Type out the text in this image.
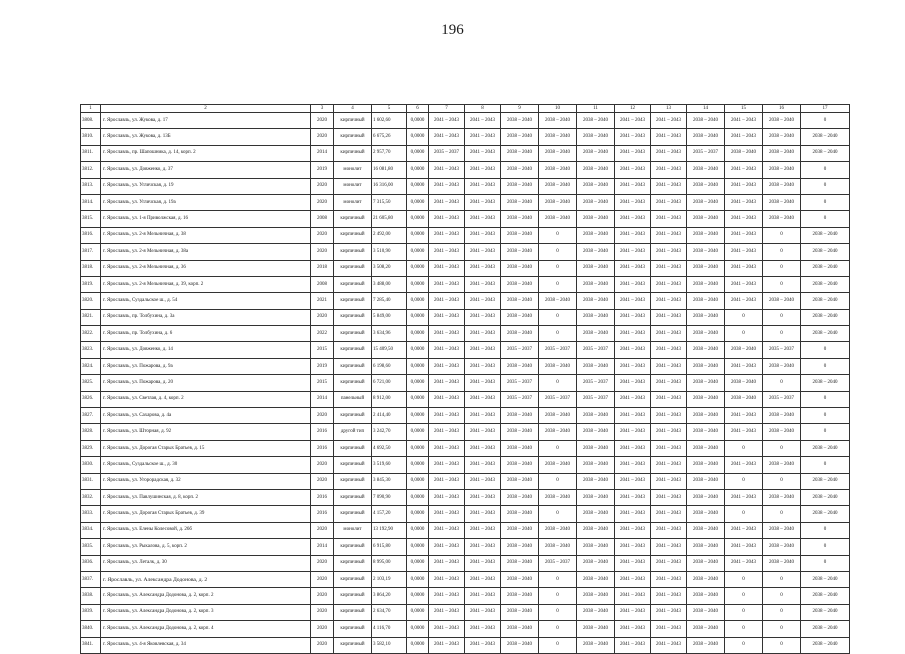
196
1	2	3	4	5	6	7	8	9	10	11	12	13	14	15	16	17
3808.	г. Ярославль, ул. Жукова, д. 17	2020	кирпичный	1 602,60	0,0000	2041 – 2043	2041 – 2043	2038 – 2040	2038 – 2040	2038 – 2040	2041 – 2043	2041 – 2043	2038 – 2040	2041 – 2043	2038 – 2040	0
3810.	г. Ярославль, ул. Жукова, д. 13Б	2020	кирпичный	6 675,26	0,0000	2041 – 2043	2041 – 2043	2038 – 2040	2038 – 2040	2038 – 2040	2041 – 2043	2041 – 2043	2038 – 2040	2041 – 2043	2038 – 2040	2038 – 2040
3811.	г. Ярославль, пр. Шапошника, д. 14, корп. 2	2014	кирпичный	2 957,70	0,0000	2035 – 2037	2041 – 2043	2038 – 2040	2038 – 2040	2038 – 2040	2041 – 2043	2041 – 2043	2035 – 2037	2038 – 2040	2038 – 2040	2038 – 2040
3812.	г. Ярославль, ул. Довженко, д. 37	2019	монолит	16 081,80	0,0000	2041 – 2043	2041 – 2043	2038 – 2040	2038 – 2040	2038 – 2040	2041 – 2043	2041 – 2043	2038 – 2040	2041 – 2043	2038 – 2040	0
3813.	г. Ярославль, ул. Угличская, д. 19	2020	монолит	16 316,00	0,0000	2041 – 2043	2041 – 2043	2038 – 2040	2038 – 2040	2038 – 2040	2041 – 2043	2041 – 2043	2038 – 2040	2041 – 2043	2038 – 2040	0
3814.	г. Ярославль, ул. Угличская, д. 19а	2020	монолит	7 315,50	0,0000	2041 – 2043	2041 – 2043	2038 – 2040	2038 – 2040	2038 – 2040	2041 – 2043	2041 – 2043	2038 – 2040	2041 – 2043	2038 – 2040	0
3815.	г. Ярославль, ул. 1-я Приволжская, д. 16	2008	кирпичный	21 605,80	0,0000	2041 – 2043	2041 – 2043	2038 – 2040	2038 – 2040	2038 – 2040	2041 – 2043	2041 – 2043	2038 – 2040	2041 – 2043	2038 – 2040	0
3816.	г. Ярославль, ул. 2-я Мельничная, д. 38	2020	кирпичный	2 492,00	0,0000	2041 – 2043	2041 – 2043	2038 – 2040	0	2038 – 2040	2041 – 2043	2041 – 2043	2038 – 2040	2041 – 2043	0	2038 – 2040
3817.	г. Ярославль, ул. 2-я Мельничная, д. 38а	2020	кирпичный	3 510,90	0,0000	2041 – 2043	2041 – 2043	2038 – 2040	0	2038 – 2040	2041 – 2043	2041 – 2043	2038 – 2040	2041 – 2043	0	2038 – 2040
3818.	г. Ярославль, ул. 2-я Мельничная, д. 36	2018	кирпичный	3 508,20	0,0000	2041 – 2043	2041 – 2043	2038 – 2040	0	2038 – 2040	2041 – 2043	2041 – 2043	2038 – 2040	2041 – 2043	0	2038 – 2040
3819.	г. Ярославль, ул. 2-я Мельничная, д. 39, корп. 2	2008	кирпичный	3 488,00	0,0000	2041 – 2043	2041 – 2043	2038 – 2040	0	2038 – 2040	2041 – 2043	2041 – 2043	2038 – 2040	2041 – 2043	0	2038 – 2040
3820.	г. Ярославль, Суздальское ш., д. 54	2021	кирпичный	7 285,40	0,0000	2041 – 2043	2041 – 2043	2038 – 2040	2038 – 2040	2038 – 2040	2041 – 2043	2041 – 2043	2038 – 2040	2041 – 2043	2038 – 2040	2038 – 2040
3821.	г. Ярославль, пр. Толбухина, д. 3а	2020	кирпичный	5 849,00	0,0000	2041 – 2043	2041 – 2043	2038 – 2040	0	2038 – 2040	2041 – 2043	2041 – 2043	2038 – 2040	0	0	2038 – 2040
3822.	г. Ярославль, пр. Толбухина, д. 6	2022	кирпичный	3 634,96	0,0000	2041 – 2043	2041 – 2043	2038 – 2040	0	2038 – 2040	2041 – 2043	2041 – 2043	2038 – 2040	0	0	2038 – 2040
3823.	г. Ярославль, ул. Довженко, д. 14	2015	кирпичный	15 409,50	0,0000	2041 – 2043	2041 – 2043	2035 – 2037	2035 – 2037	2035 – 2037	2041 – 2043	2041 – 2043	2038 – 2040	2038 – 2040	2035 – 2037	0
3824.	г. Ярославль, ул. Пожарова, д. 9а	2019	кирпичный	6 198,60	0,0000	2041 – 2043	2041 – 2043	2038 – 2040	2038 – 2040	2038 – 2040	2041 – 2043	2041 – 2043	2038 – 2040	2041 – 2043	2038 – 2040	0
3825.	г. Ярославль, ул. Пожарова, д. 20	2015	кирпичный	6 721,00	0,0000	2041 – 2043	2041 – 2043	2035 – 2037	0	2035 – 2037	2041 – 2043	2041 – 2043	2038 – 2040	2038 – 2040	0	2038 – 2040
3826.	г. Ярославль, ул. Светлая, д. 4, корп. 2	2014	панельный	8 912,00	0,0000	2041 – 2043	2041 – 2043	2035 – 2037	2035 – 2037	2035 – 2037	2041 – 2043	2041 – 2043	2038 – 2040	2038 – 2040	2035 – 2037	0
3827.	г. Ярославль, ул. Сахарова, д. 4а	2020	кирпичный	2 414,40	0,0000	2041 – 2043	2041 – 2043	2038 – 2040	2038 – 2040	2038 – 2040	2041 – 2043	2041 – 2043	2038 – 2040	2041 – 2043	2038 – 2040	0
3828.	г. Ярославль, ул. Шторная, д. 92	2016	другой тип	3 242,70	0,0000	2041 – 2043	2041 – 2043	2038 – 2040	2038 – 2040	2038 – 2040	2041 – 2043	2041 – 2043	2038 – 2040	2041 – 2043	2038 – 2040	0
3829.	г. Ярославль, ул. Дорогая Старых Братьев, д. 15	2016	кирпичный	4 692,50	0,0000	2041 – 2043	2041 – 2043	2038 – 2040	0	2038 – 2040	2041 – 2043	2041 – 2043	2038 – 2040	0	0	2038 – 2040
3830.	г. Ярославль, Суздальское ш., д. 30	2020	кирпичный	3 519,60	0,0000	2041 – 2043	2041 – 2043	2038 – 2040	2038 – 2040	2038 – 2040	2041 – 2043	2041 – 2043	2038 – 2040	2041 – 2043	2038 – 2040	0
3831.	г. Ярославль, ул. Угорорадская, д. 32	2020	кирпичный	3 845,30	0,0000	2041 – 2043	2041 – 2043	2038 – 2040	0	2038 – 2040	2041 – 2043	2041 – 2043	2038 – 2040	0	0	2038 – 2040
3832.	г. Ярославль, ул. Павлушинская, д. 8, корп. 2	2016	кирпичный	7 090,90	0,0000	2041 – 2043	2041 – 2043	2038 – 2040	2038 – 2040	2038 – 2040	2041 – 2043	2041 – 2043	2038 – 2040	2041 – 2043	2038 – 2040	2038 – 2040
3833.	г. Ярославль, ул. Дорогая Старых Братьев, д. 39	2016	кирпичный	4 157,20	0,0000	2041 – 2043	2041 – 2043	2038 – 2040	0	2038 – 2040	2041 – 2043	2041 – 2043	2038 – 2040	0	0	2038 – 2040
3834.	г. Ярославль, ул. Елены Колесовой, д. 26б	2020	монолит	13 192,90	0,0000	2041 – 2043	2041 – 2043	2038 – 2040	2038 – 2040	2038 – 2040	2041 – 2043	2041 – 2043	2038 – 2040	2041 – 2043	2038 – 2040	0
3835.	г. Ярославль, ул. Рыкалова, д. 5, корп. 2	2014	кирпичный	6 915,80	0,0000	2041 – 2043	2041 – 2043	2038 – 2040	2038 – 2040	2038 – 2040	2041 – 2043	2041 – 2043	2038 – 2040	2041 – 2043	2038 – 2040	0
3836.	г. Ярославль, ул. Леталк, д. 30	2020	кирпичный	8 995,00	0,0000	2041 – 2043	2041 – 2043	2038 – 2040	2035 – 2037	2038 – 2040	2041 – 2043	2041 – 2043	2038 – 2040	2041 – 2043	2038 – 2040	0
3837.	г. Ярославль, ул. Александра Додонова, д. 2	2020	кирпичный	2 103,19	0,0000	2041 – 2043	2041 – 2043	2038 – 2040	0	2038 – 2040	2041 – 2043	2041 – 2043	2038 – 2040	0	0	2038 – 2040
3838.	г. Ярославль, ул. Александра Додонова, д. 2, корп. 2	2020	кирпичный	3 864,20	0,0000	2041 – 2043	2041 – 2043	2038 – 2040	0	2038 – 2040	2041 – 2043	2041 – 2043	2038 – 2040	0	0	2038 – 2040
3839.	г. Ярославль, ул. Александра Додонова, д. 2, корп. 3	2020	кирпичный	2 634,70	0,0000	2041 – 2043	2041 – 2043	2038 – 2040	0	2038 – 2040	2041 – 2043	2041 – 2043	2038 – 2040	0	0	2038 – 2040
3840.	г. Ярославль, ул. Александра Додонова, д. 2, корп. 4	2020	кирпичный	4 116,70	0,0000	2041 – 2043	2041 – 2043	2038 – 2040	0	2038 – 2040	2041 – 2043	2041 – 2043	2038 – 2040	0	0	2038 – 2040
3841.	г. Ярославль, ул. 4-я Яковлевская, д. 34	2020	кирпичный	3 582,10	0,0000	2041 – 2043	2041 – 2043	2038 – 2040	0	2038 – 2040	2041 – 2043	2041 – 2043	2038 – 2040	0	0	2038 – 2040
